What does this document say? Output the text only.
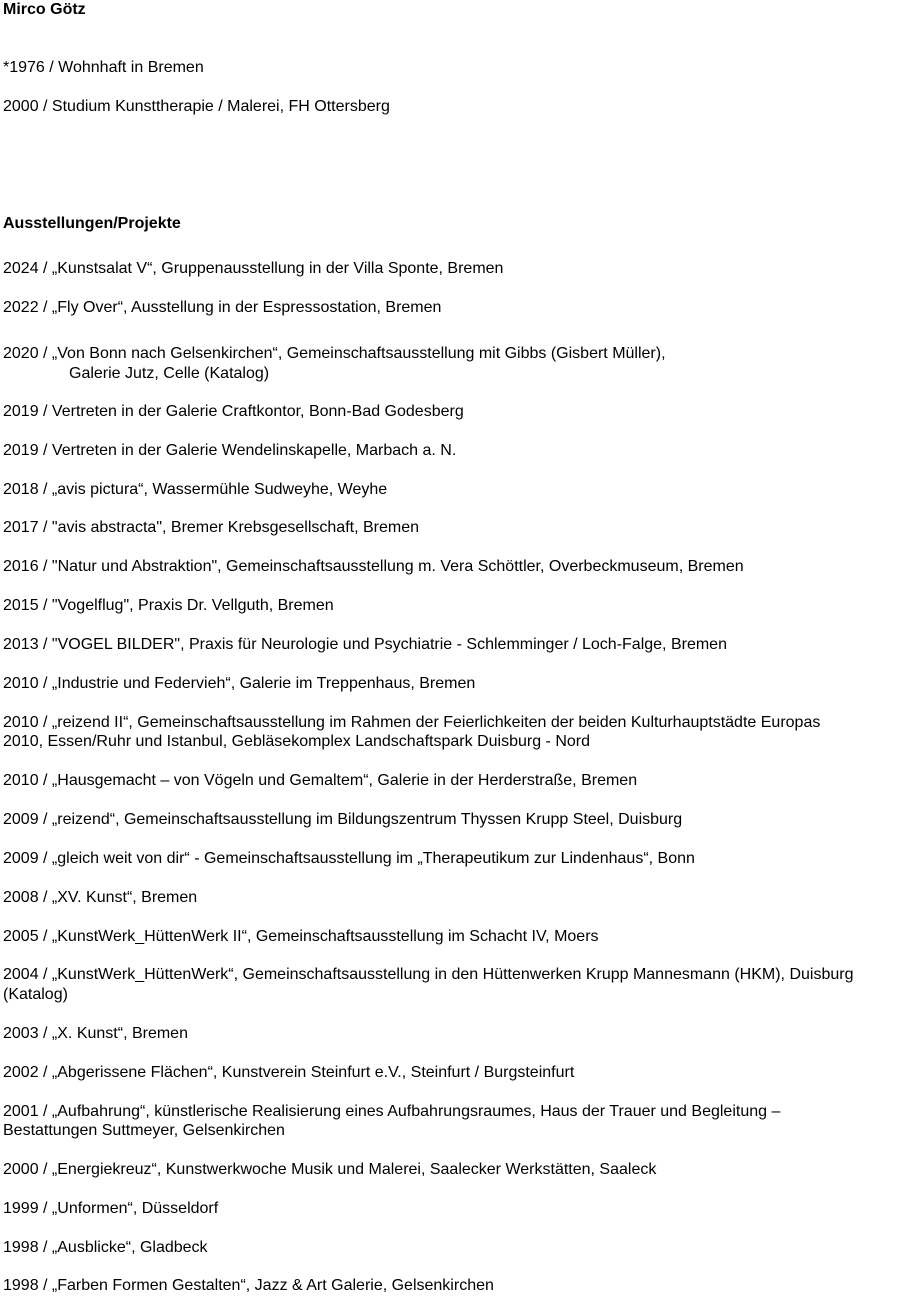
Mirco Götz
*1976 / Wohnhaft in Bremen
2000 / Studium Kunsttherapie / Malerei, FH Ottersberg
Ausstellungen/Projekte
2024 / „Kunstsalat V“, Gruppenausstellung in der Villa Sponte, Bremen
2022 / „Fly Over“, Ausstellung in der Espressostation, Bremen
2020 / „Von Bonn nach Gelsenkirchen“, Gemeinschaftsausstellung mit Gibbs (Gisbert Müller),
Galerie Jutz, Celle (Katalog)
2019 / Vertreten in der Galerie Craftkontor, Bonn-Bad Godesberg
2019 / Vertreten in der Galerie Wendelinskapelle, Marbach a. N.
2018 / „avis pictura“, Wassermühle Sudweyhe, Weyhe
2017 / "avis abstracta", Bremer Krebsgesellschaft, Bremen
2016 / "Natur und Abstraktion", Gemeinschaftsausstellung m. Vera Schöttler, Overbeckmuseum, Bremen
2015 / "Vogelflug", Praxis Dr. Vellguth, Bremen
2013 / "VOGEL BILDER", Praxis für Neurologie und Psychiatrie - Schlemminger / Loch-Falge, Bremen
2010 / „Industrie und Federvieh“, Galerie im Treppenhaus, Bremen
2010 / „reizend II“, Gemeinschaftsausstellung im Rahmen der Feierlichkeiten der beiden Kulturhauptstädte Europas
2010, Essen/Ruhr und Istanbul, Gebläsekomplex Landschaftspark Duisburg - Nord
2010 / „Hausgemacht – von Vögeln und Gemaltem“, Galerie in der Herderstraße, Bremen
2009 / „reizend“, Gemeinschaftsausstellung im Bildungszentrum Thyssen Krupp Steel, Duisburg
2009 / „gleich weit von dir“ - Gemeinschaftsausstellung im „Therapeutikum zur Lindenhaus“, Bonn
2008 / „XV. Kunst“, Bremen
2005 / „KunstWerk_HüttenWerk II“, Gemeinschaftsausstellung im Schacht IV, Moers
2004 / „KunstWerk_HüttenWerk“, Gemeinschaftsausstellung in den Hüttenwerken Krupp Mannesmann (HKM), Duisburg
(Katalog)
2003 / „X. Kunst“, Bremen
2002 / „Abgerissene Flächen“, Kunstverein Steinfurt e.V., Steinfurt / Burgsteinfurt
2001 / „Aufbahrung“, künstlerische Realisierung eines Aufbahrungsraumes, Haus der Trauer und Begleitung –
Bestattungen Suttmeyer, Gelsenkirchen
2000 / „Energiekreuz“, Kunstwerkwoche Musik und Malerei, Saalecker Werkstätten, Saaleck
1999 / „Unformen“, Düsseldorf
1998 / „Ausblicke“, Gladbeck
1998 / „Farben Formen Gestalten“, Jazz & Art Galerie, Gelsenkirchen
